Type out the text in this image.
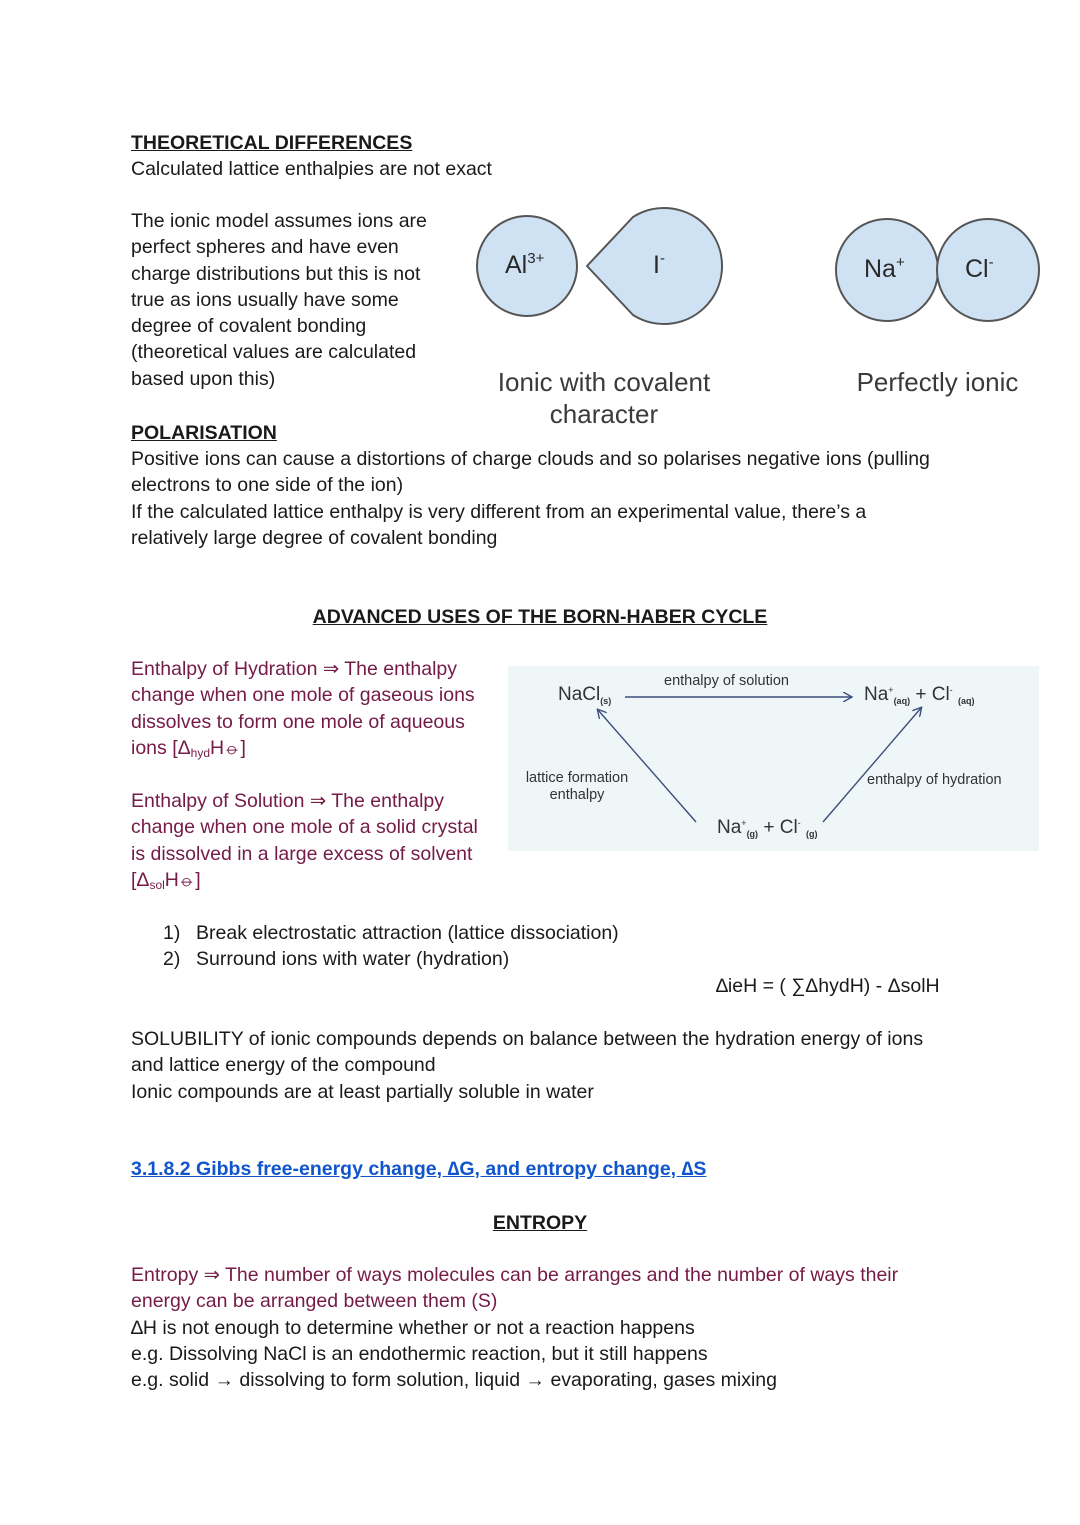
THEORETICAL DIFFERENCES
Calculated lattice enthalpies are not exact
The ionic model assumes ions are
perfect spheres and have even
charge distributions but this is not
true as ions usually have some
degree of covalent bonding
(theoretical values are calculated
based upon this)
$Al^{3+}$	I-	Na+ Cl-
Ionic with covalent
character
Perfectly ionic
POLARISATION
Positive ions can cause a distortions of charge clouds and so polarises negative ions (pulling
electrons to one side of the ion)
If the calculated lattice enthalpy is very different from an experimental value, there’s a
relatively large degree of covalent bonding
ADVANCED USES OF THE BORN-HABER CYCLE
Enthalpy of Hydration ⇒ The enthalpy
change when one mole of gaseous ions
dissolves to form one mole of aqueous
ions $[\Delta_{hyd}H⦵]$
Enthalpy of Solution ⇒ The enthalpy
change when one mole of a solid crystal
is dissolved in a large excess of solvent
$[\Delta_{sol}H⦵]$
enthalpy of solution
NaCl$_{(s)}$	$Na^+_{(aq)} + Cl^-$ $_{(aq)}$
lattice formation
enthalpy
enthalpy of hydration
$Na^+_{(g)} + Cl^-$ $_{(g)}$
1) Break electrostatic attraction (lattice dissociation)
2) Surround ions with water (hydration)
∆ieH = ( ∑ΔhydH) - ΔsolH
SOLUBILITY of ionic compounds depends on balance between the hydration energy of ions
and lattice energy of the compound
Ionic compounds are at least partially soluble in water
3.1.8.2 Gibbs free-energy change, ∆G, and entropy change, ∆S
ENTROPY
Entropy ⇒ The number of ways molecules can be arranges and the number of ways their
energy can be arranged between them (S)
∆H is not enough to determine whether or not a reaction happens
e.g. Dissolving NaCl is an endothermic reaction, but it still happens
e.g. solid → dissolving to form solution, liquid → evaporating, gases mixing
